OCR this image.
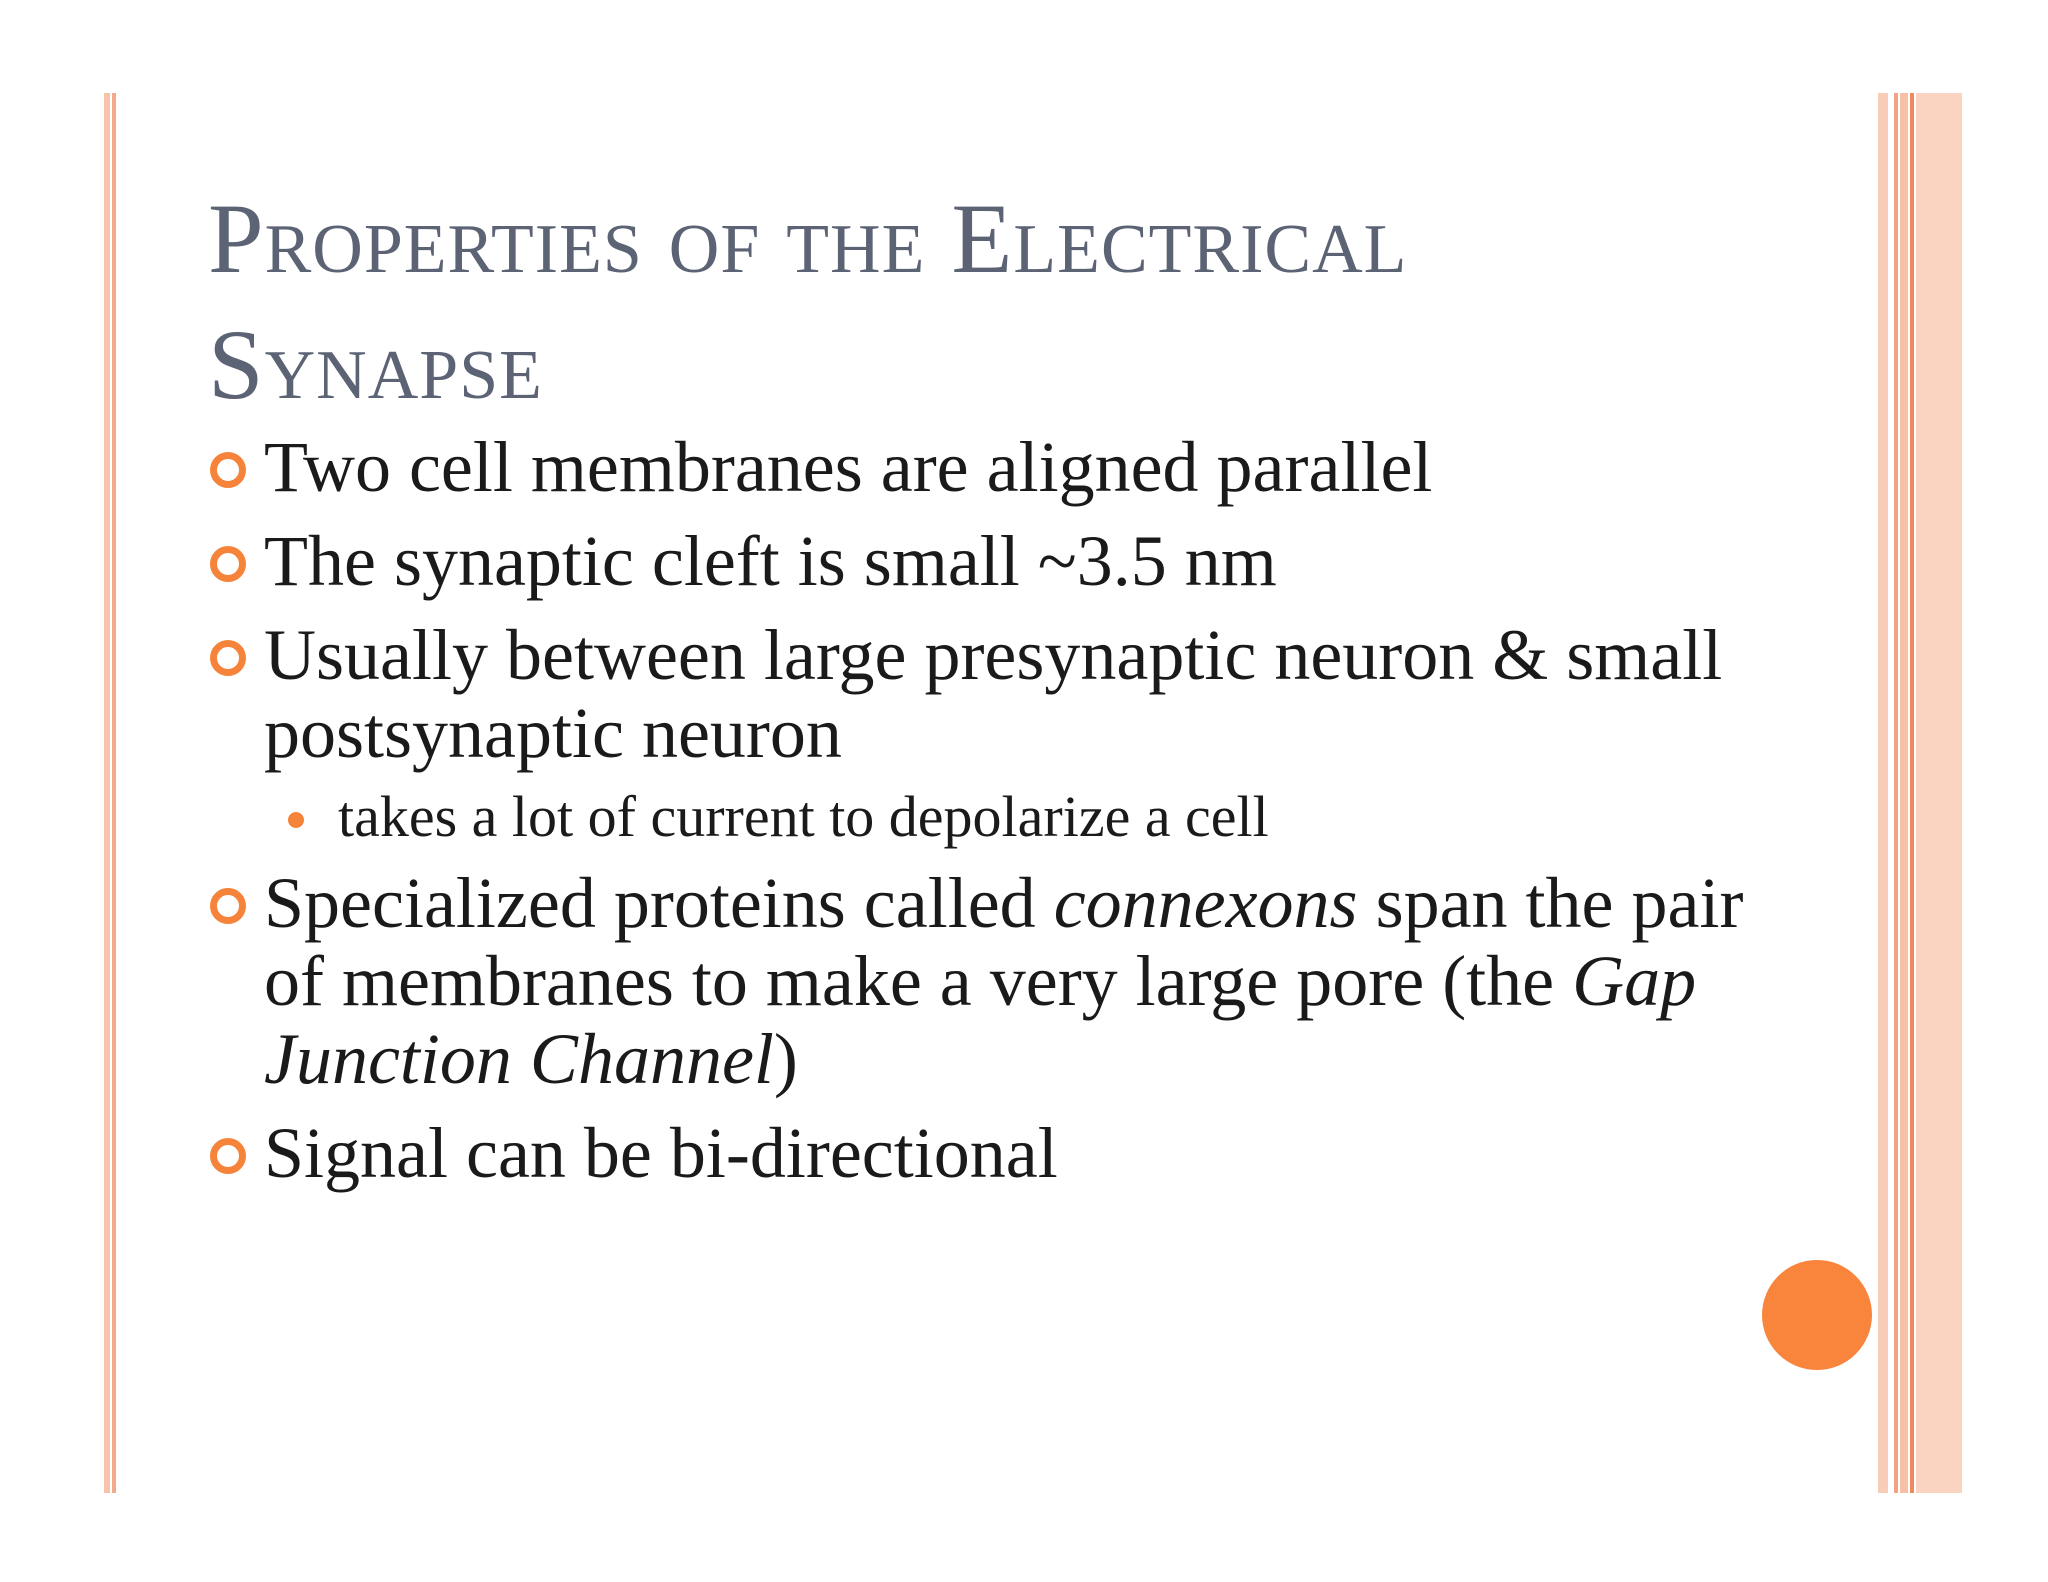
Properties of the Electrical
Synapse
Two cell membranes are aligned parallel
The synaptic cleft is small ~3.5 nm
Usually between large presynaptic neuron & small postsynaptic neuron
takes a lot of current to depolarize a cell
Specialized proteins called connexons span the pair of membranes to make a very large pore (the Gap Junction Channel)
Signal can be bi-directional
